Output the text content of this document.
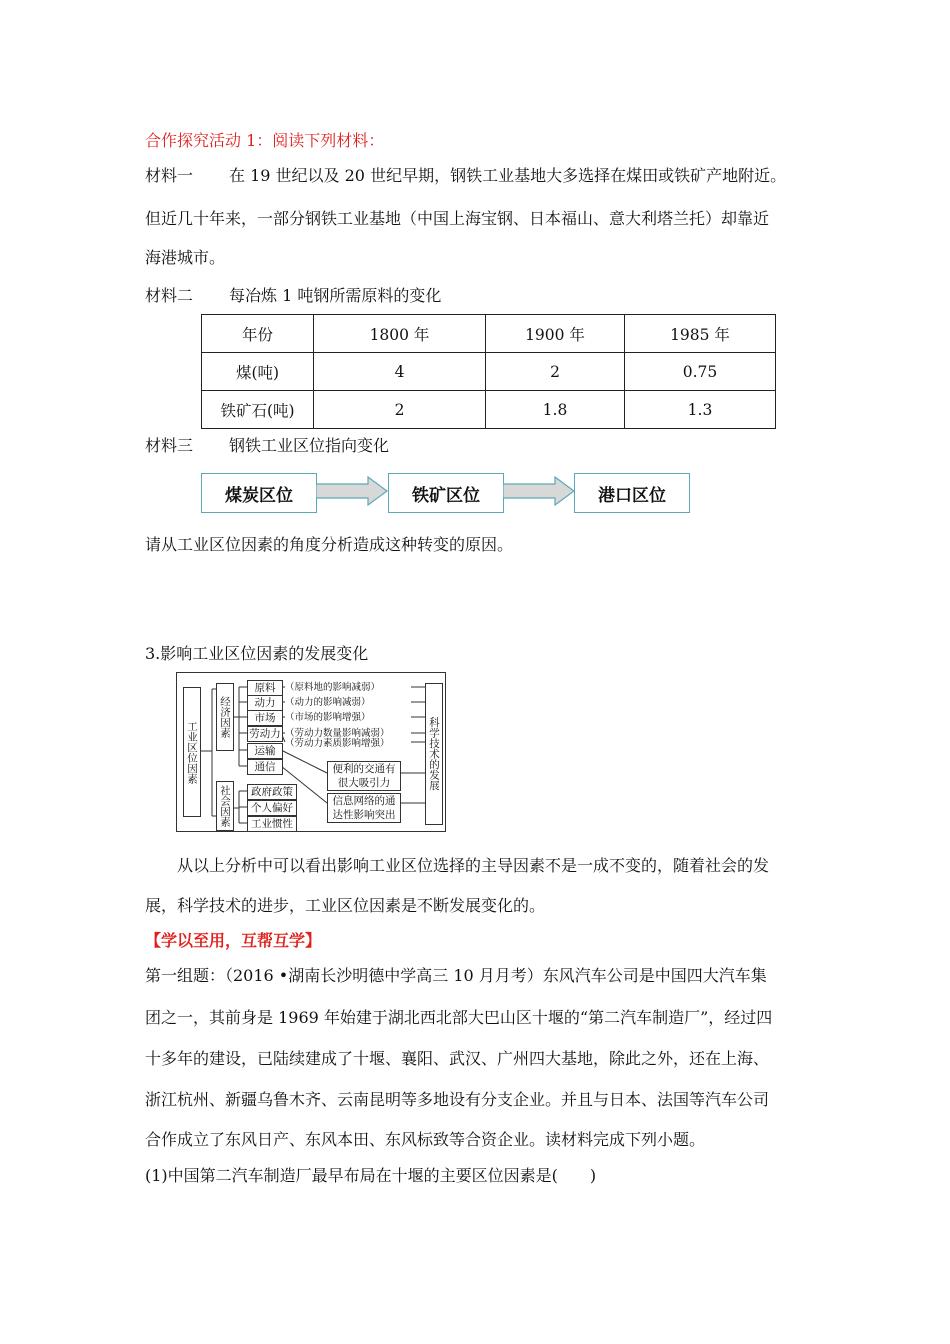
合作探究活动 1：阅读下列材料：
材料一 在 19 世纪以及 20 世纪早期，钢铁工业基地大多选择在煤田或铁矿产地附近。
但近几十年来，一部分钢铁工业基地（中国上海宝钢、日本福山、意大利塔兰托）却靠近
海港城市。
材料二 每冶炼 1 吨钢所需原料的变化
年份	1800 年	1900 年	1985 年
煤(吨)	4	2	0.75
铁矿石(吨)	2	1.8	1.3
材料三 钢铁工业区位指向变化
煤炭区位	铁矿区位	港口区位
请从工业区位因素的角度分析造成这种转变的原因。
3.影响工业区位因素的发展变化
工业区位因素
经济因素
社会因素
科学技术的发展
原料
动力
市场
劳动力
运输
通信
（原料地的影响减弱）
（动力的影响减弱）
（市场的影响增强）
（劳动力数量影响减弱）
（劳动力素质影响增强）
政府政策
个人偏好
工业惯性
便利的交通有
很大吸引力
信息网络的通
达性影响突出
从以上分析中可以看出影响工业区位选择的主导因素不是一成不变的，随着社会的发
展，科学技术的进步，工业区位因素是不断发展变化的。
【学以至用，互帮互学】
第一组题：（2016 •湖南长沙明德中学高三 10 月月考）东风汽车公司是中国四大汽车集
团之一，其前身是 1969 年始建于湖北西北部大巴山区十堰的“第二汽车制造厂”，经过四
十多年的建设，已陆续建成了十堰、襄阳、武汉、广州四大基地，除此之外，还在上海、
浙江杭州、新疆乌鲁木齐、云南昆明等多地设有分支企业。并且与日本、法国等汽车公司
合作成立了东风日产、东风本田、东风标致等合资企业。读材料完成下列小题。
(1)中国第二汽车制造厂最早布局在十堰的主要区位因素是(　　)
